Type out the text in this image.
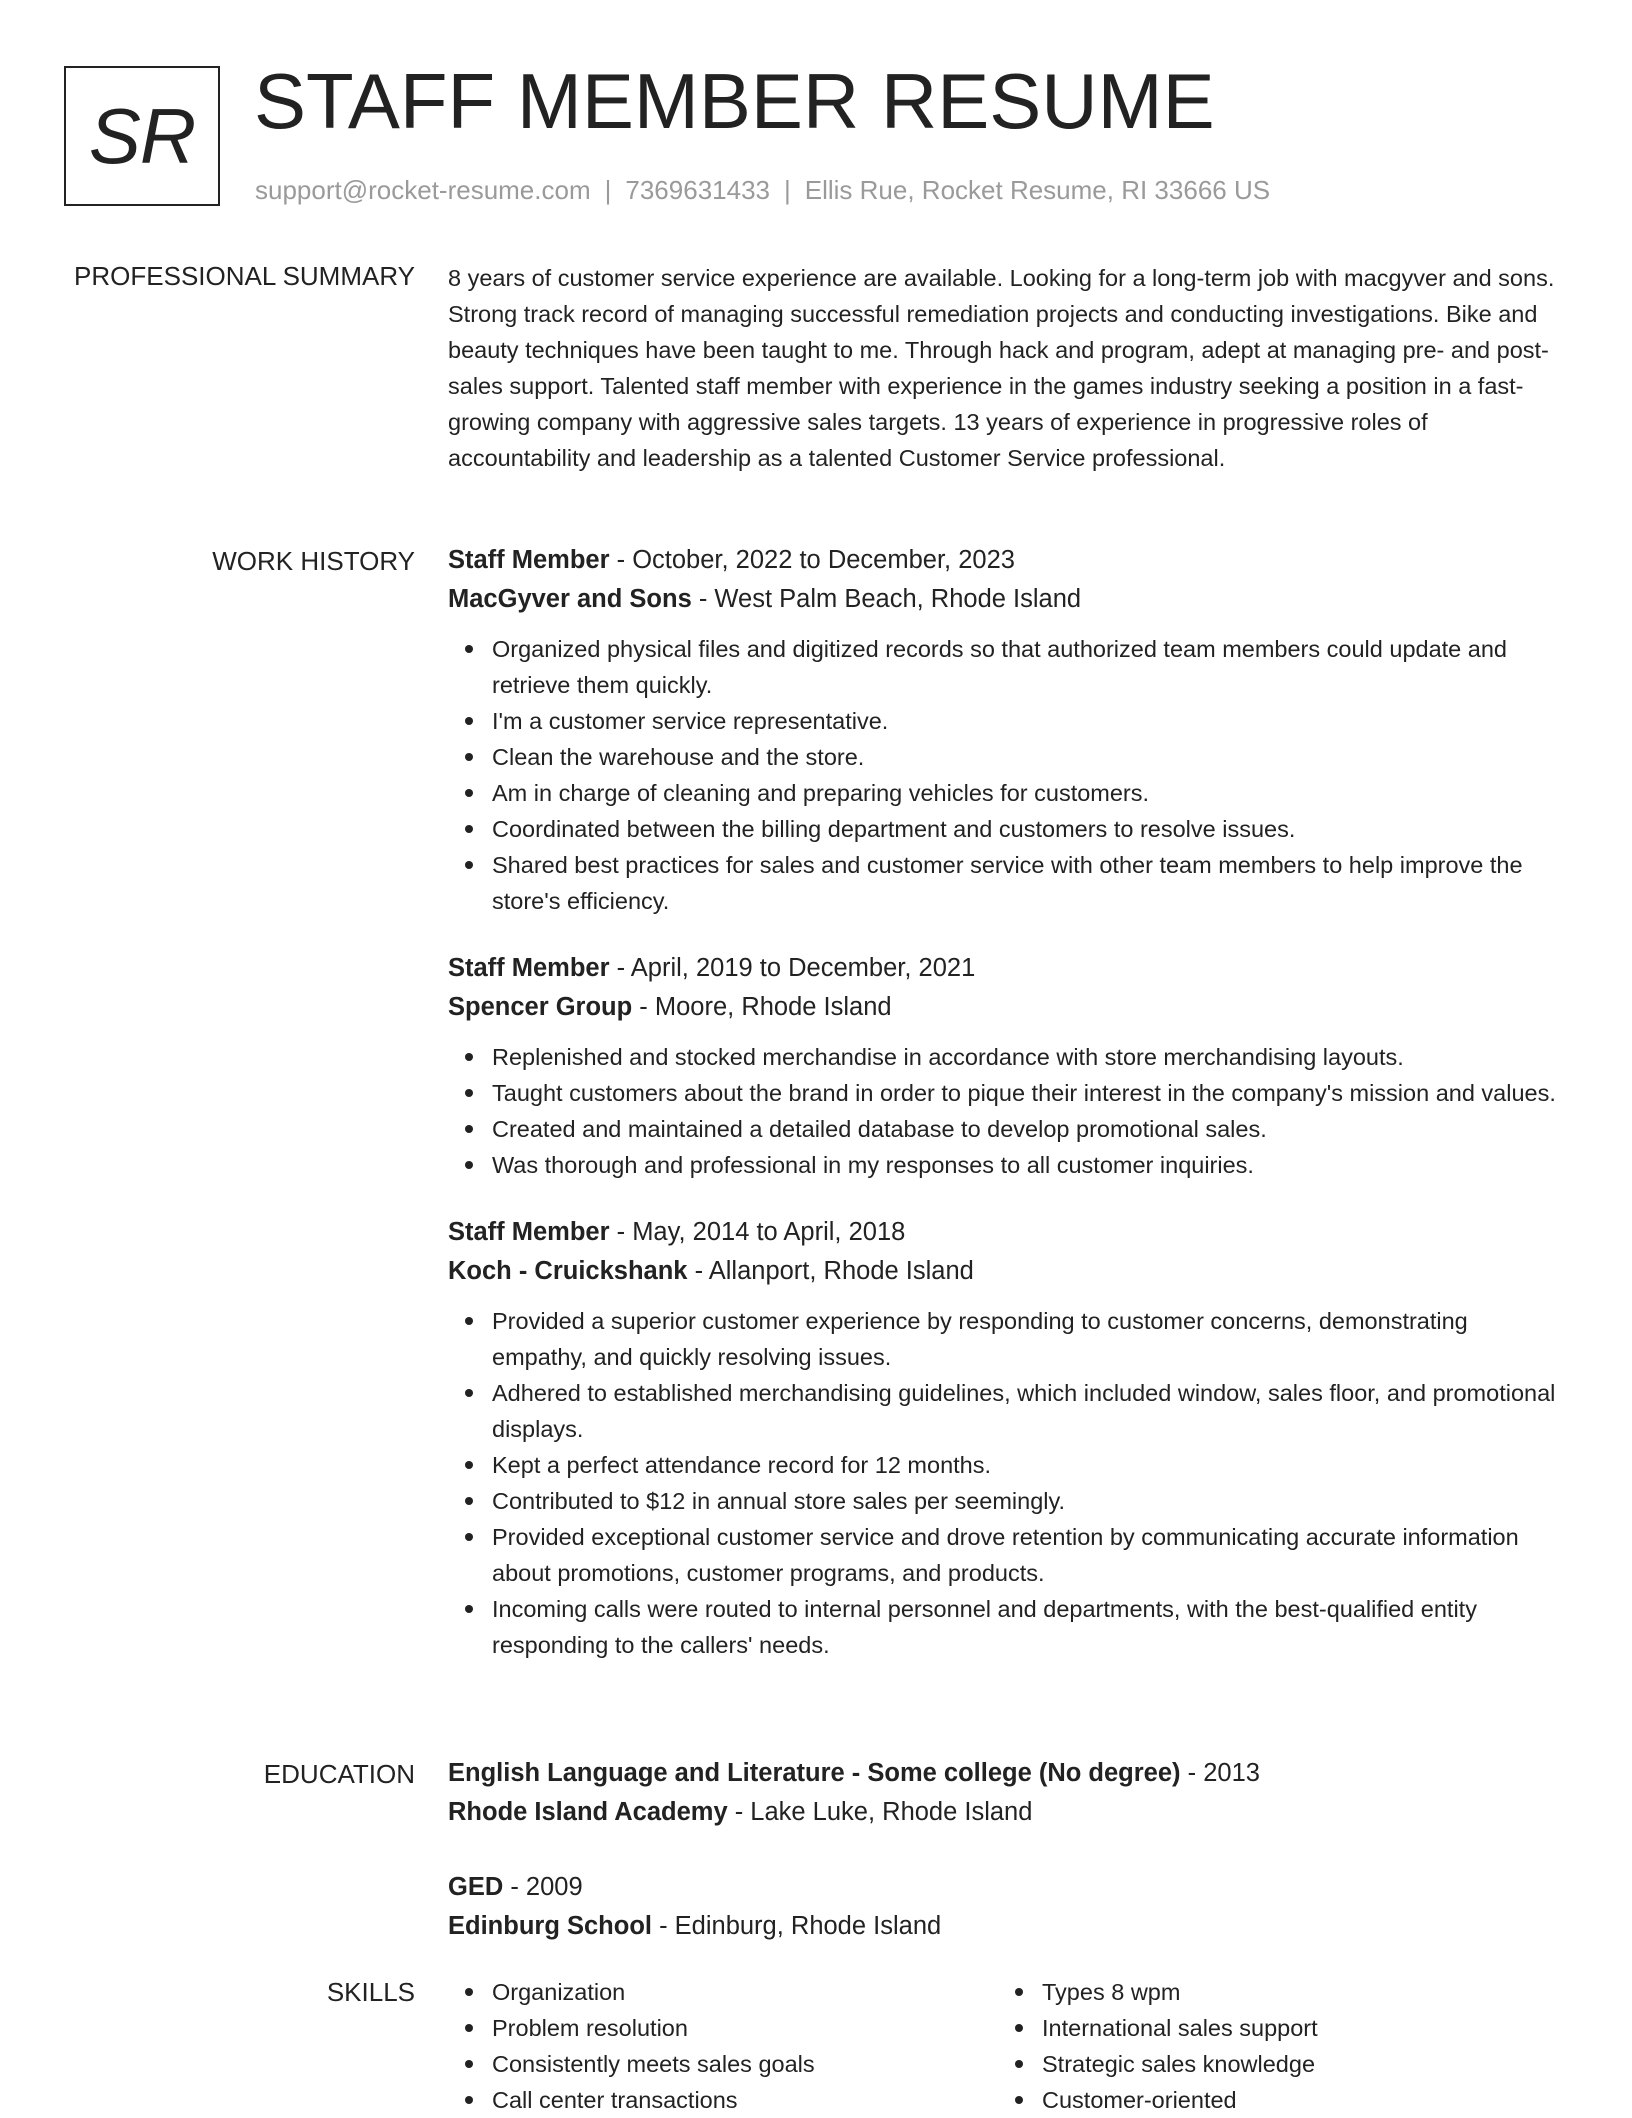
SR STAFF MEMBER RESUME
support@rocket-resume.com | 7369631433 | Ellis Rue, Rocket Resume, RI 33666 US
PROFESSIONAL SUMMARY 8 years of customer service experience are available. Looking for a long-term job with macgyver and sons. Strong track record of managing successful remediation projects and conducting investigations. Bike and beauty techniques have been taught to me. Through hack and program, adept at managing pre- and post-sales support. Talented staff member with experience in the games industry seeking a position in a fast-growing company with aggressive sales targets. 13 years of experience in progressive roles of accountability and leadership as a talented Customer Service professional.

WORK HISTORY Staff Member - October, 2022 to December, 2023
MacGyver and Sons - West Palm Beach, Rhode Island
Organized physical files and digitized records so that authorized team members could update and retrieve them quickly.
I'm a customer service representative.
Clean the warehouse and the store.
Am in charge of cleaning and preparing vehicles for customers.
Coordinated between the billing department and customers to resolve issues.
Shared best practices for sales and customer service with other team members to help improve the store's efficiency.
Staff Member - April, 2019 to December, 2021
Spencer Group - Moore, Rhode Island
Replenished and stocked merchandise in accordance with store merchandising layouts.
Taught customers about the brand in order to pique their interest in the company's mission and values.
Created and maintained a detailed database to develop promotional sales.
Was thorough and professional in my responses to all customer inquiries.
Staff Member - May, 2014 to April, 2018
Koch - Cruickshank - Allanport, Rhode Island
Provided a superior customer experience by responding to customer concerns, demonstrating empathy, and quickly resolving issues.
Adhered to established merchandising guidelines, which included window, sales floor, and promotional displays.
Kept a perfect attendance record for 12 months.
Contributed to $12 in annual store sales per seemingly.
Provided exceptional customer service and drove retention by communicating accurate information about promotions, customer programs, and products.
Incoming calls were routed to internal personnel and departments, with the best-qualified entity responding to the callers' needs.
EDUCATION English Language and Literature - Some college (No degree) - 2013
Rhode Island Academy - Lake Luke, Rhode Island
GED - 2009
Edinburg School - Edinburg, Rhode Island
SKILLS	Organization
Problem resolution
Consistently meets sales goals
Call center transactions
Types 8 wpm
International sales support
Strategic sales knowledge
Customer-oriented
